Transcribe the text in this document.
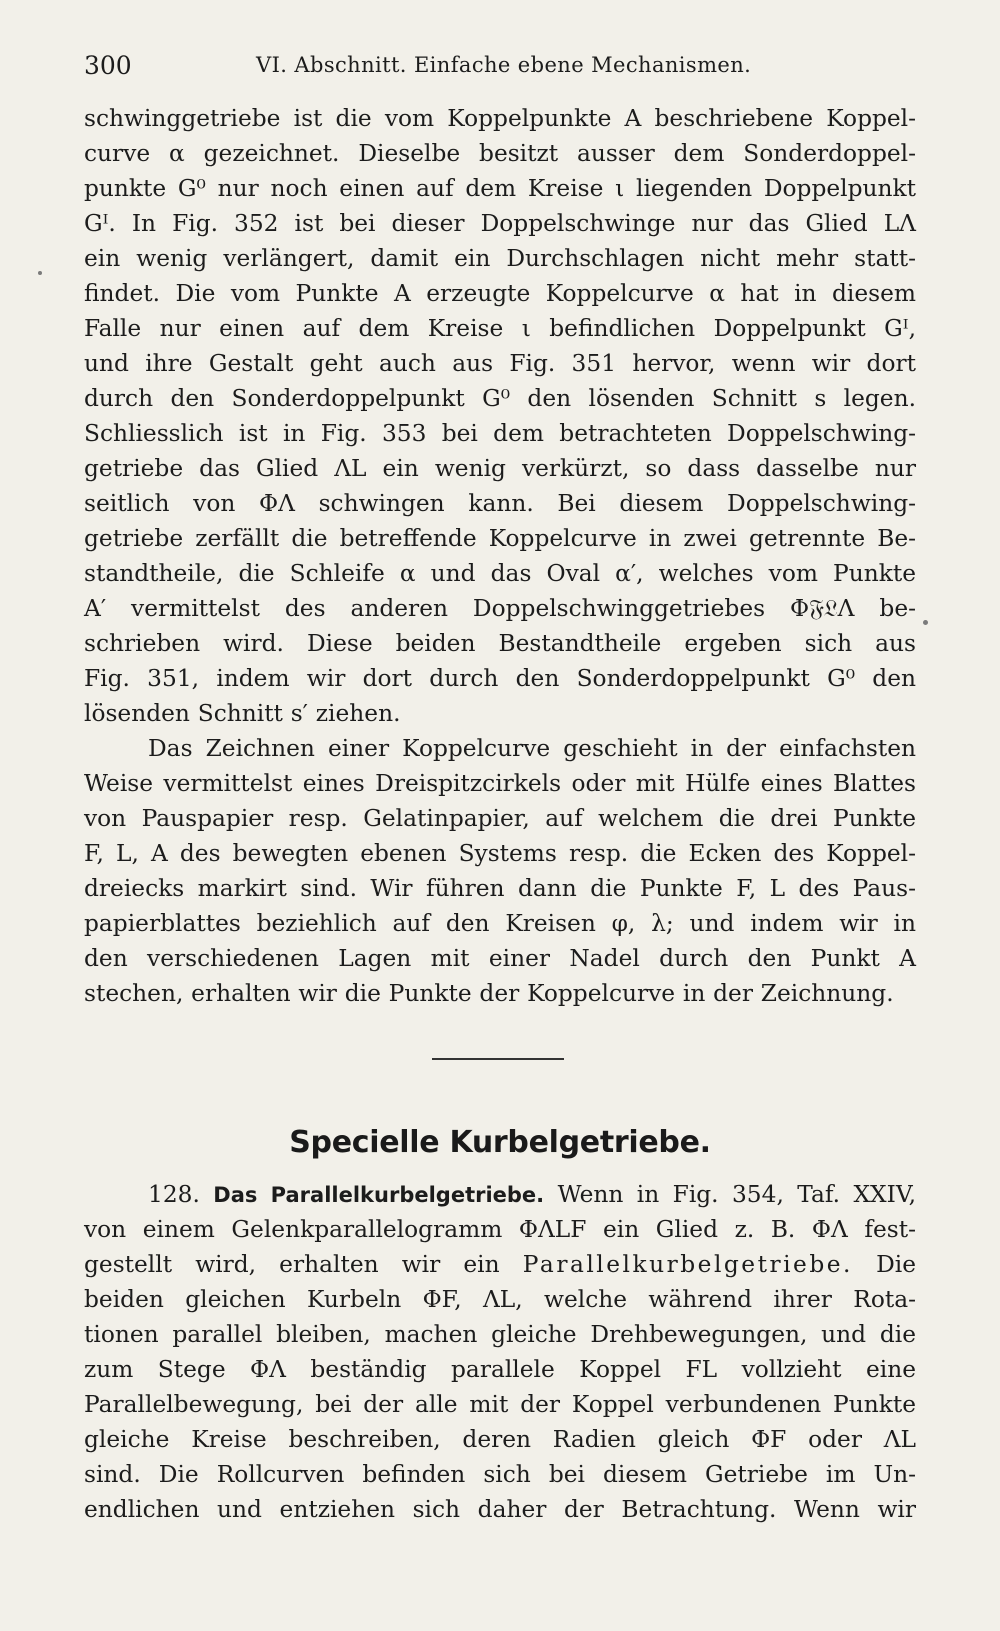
300	VI. Abschnitt. Einfache ebene Mechanismen.
schwinggetriebe ist die vom Koppelpunkte A beschriebene Koppel-
curve α gezeichnet. Dieselbe besitzt ausser dem Sonderdoppel-
punkte G⁰ nur noch einen auf dem Kreise ι liegenden Doppelpunkt
Gᴵ. In Fig. 352 ist bei dieser Doppelschwinge nur das Glied LΛ
ein wenig verlängert, damit ein Durchschlagen nicht mehr statt-
findet. Die vom Punkte A erzeugte Koppelcurve α hat in diesem
Falle nur einen auf dem Kreise ι befindlichen Doppelpunkt Gᴵ,
und ihre Gestalt geht auch aus Fig. 351 hervor, wenn wir dort
durch den Sonderdoppelpunkt G⁰ den lösenden Schnitt s legen.
Schliesslich ist in Fig. 353 bei dem betrachteten Doppelschwing-
getriebe das Glied ΛL ein wenig verkürzt, so dass dasselbe nur
seitlich von ΦΛ schwingen kann. Bei diesem Doppelschwing-
getriebe zerfällt die betreffende Koppelcurve in zwei getrennte Be-
standtheile, die Schleife α und das Oval α′, welches vom Punkte
A′ vermittelst des anderen Doppelschwinggetriebes Φ𝔉𝔏Λ be-
schrieben wird. Diese beiden Bestandtheile ergeben sich aus
Fig. 351, indem wir dort durch den Sonderdoppelpunkt G⁰ den
lösenden Schnitt s′ ziehen.
Das Zeichnen einer Koppelcurve geschieht in der einfachsten
Weise vermittelst eines Dreispitzcirkels oder mit Hülfe eines Blattes
von Pauspapier resp. Gelatinpapier, auf welchem die drei Punkte
F, L, A des bewegten ebenen Systems resp. die Ecken des Koppel-
dreiecks markirt sind. Wir führen dann die Punkte F, L des Paus-
papierblattes beziehlich auf den Kreisen φ, λ; und indem wir in
den verschiedenen Lagen mit einer Nadel durch den Punkt A
stechen, erhalten wir die Punkte der Koppelcurve in der Zeichnung.
Specielle Kurbelgetriebe.
128. Das Parallelkurbelgetriebe. Wenn in Fig. 354, Taf. XXIV,
von einem Gelenkparallelogramm ΦΛLF ein Glied z. B. ΦΛ fest-
gestellt wird, erhalten wir ein Parallelkurbelgetriebe. Die
beiden gleichen Kurbeln ΦF, ΛL, welche während ihrer Rota-
tionen parallel bleiben, machen gleiche Drehbewegungen, und die
zum Stege ΦΛ beständig parallele Koppel FL vollzieht eine
Parallelbewegung, bei der alle mit der Koppel verbundenen Punkte
gleiche Kreise beschreiben, deren Radien gleich ΦF oder ΛL
sind. Die Rollcurven befinden sich bei diesem Getriebe im Un-
endlichen und entziehen sich daher der Betrachtung. Wenn wir
